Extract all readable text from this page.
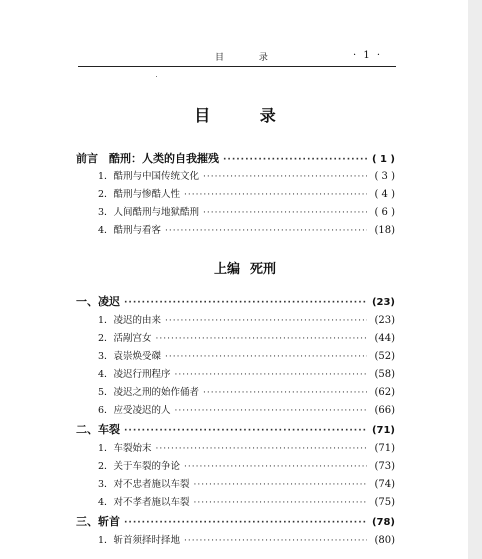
目 录	· 1 ·
目 录
前言　酷刑：人类的自我摧残 ·····	( 1 )
1．酷刑与中国传统文化 ·····	( 3 )
2．酷刑与惨酷人性 ·····	( 4 )
3．人间酷刑与地狱酷刑 ·····	( 6 )
4．酷刑与看客 ·····	(18)
上编 死刑
一、凌迟 ·····	(23)
1．凌迟的由来 ·····	(23)
2．活剐宫女 ·····	(44)
3．袁崇焕受磔 ·····	(52)
4．凌迟行刑程序 ·····	(58)
5．凌迟之刑的始作俑者 ·····	(62)
6．应受凌迟的人 ·····	(66)
二、车裂 ·····	(71)
1．车裂始末 ·····	(71)
2．关于车裂的争论 ·····	(73)
3．对不忠者施以车裂 ·····	(74)
4．对不孝者施以车裂 ·····	(75)
三、斩首 ·····	(78)
1．斩首须择时择地 ·····	(80)
